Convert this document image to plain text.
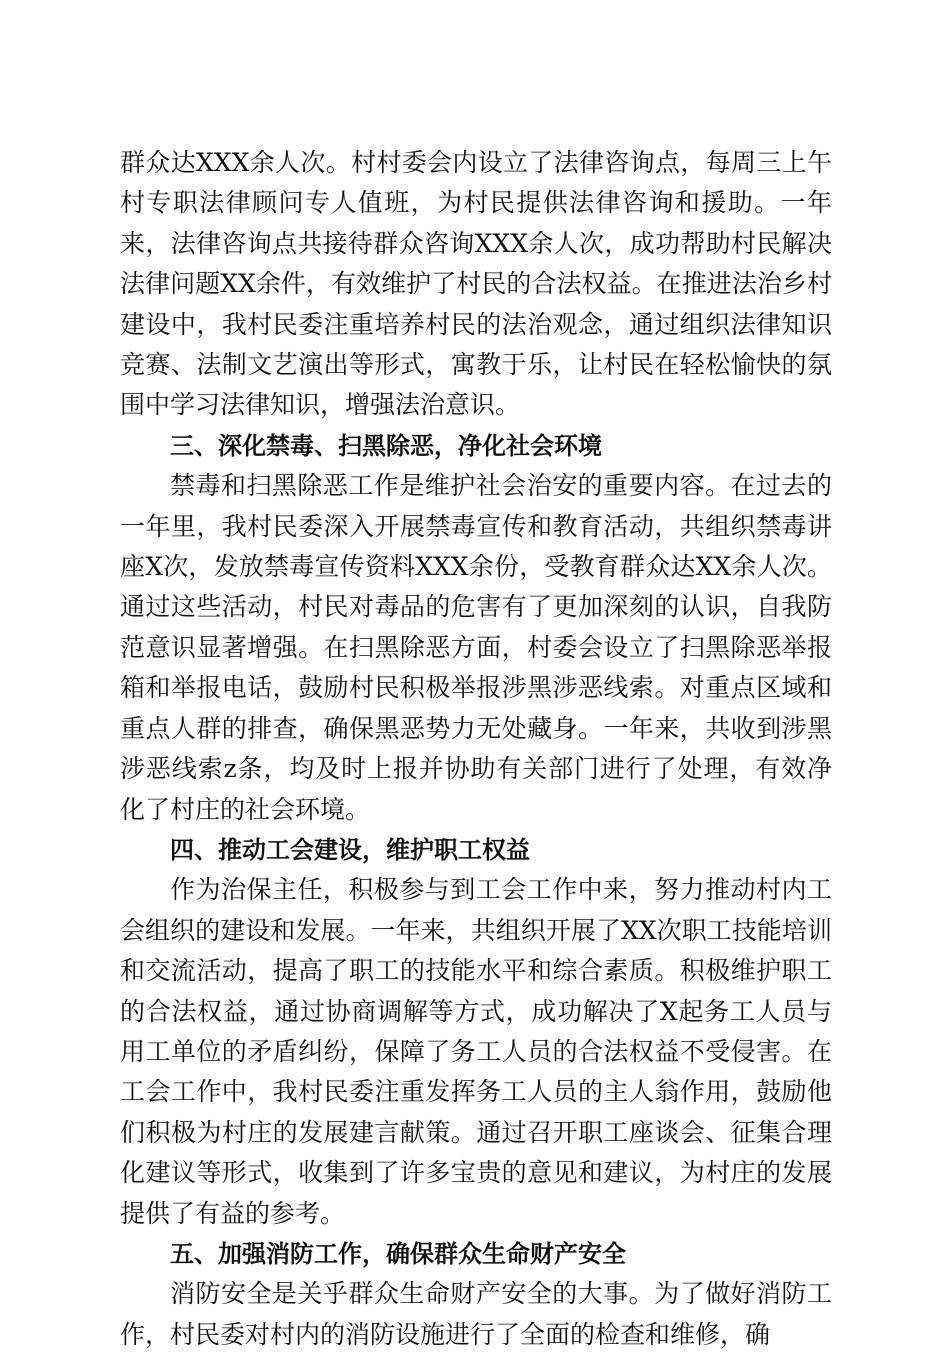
群众达XXX余人次。村村委会内设立了法律咨询点，每周三上午村专职法律顾问专人值班，为村民提供法律咨询和援助。一年来，法律咨询点共接待群众咨询XXX余人次，成功帮助村民解决法律问题XX余件，有效维护了村民的合法权益。在推进法治乡村建设中，我村民委注重培养村民的法治观念，通过组织法律知识竞赛、法制文艺演出等形式，寓教于乐，让村民在轻松愉快的氛围中学习法律知识，增强法治意识。

三、深化禁毒、扫黑除恶，净化社会环境

禁毒和扫黑除恶工作是维护社会治安的重要内容。在过去的一年里，我村民委深入开展禁毒宣传和教育活动，共组织禁毒讲座X次，发放禁毒宣传资料XXX余份，受教育群众达XX余人次。通过这些活动，村民对毒品的危害有了更加深刻的认识，自我防范意识显著增强。在扫黑除恶方面，村委会设立了扫黑除恶举报箱和举报电话，鼓励村民积极举报涉黑涉恶线索。对重点区域和重点人群的排查，确保黑恶势力无处藏身。一年来，共收到涉黑涉恶线索z条，均及时上报并协助有关部门进行了处理，有效净化了村庄的社会环境。

四、推动工会建设，维护职工权益

作为治保主任，积极参与到工会工作中来，努力推动村内工会组织的建设和发展。一年来，共组织开展了XX次职工技能培训和交流活动，提高了职工的技能水平和综合素质。积极维护职工的合法权益，通过协商调解等方式，成功解决了X起务工人员与用工单位的矛盾纠纷，保障了务工人员的合法权益不受侵害。在工会工作中，我村民委注重发挥务工人员的主人翁作用，鼓励他们积极为村庄的发展建言献策。通过召开职工座谈会、征集合理化建议等形式，收集到了许多宝贵的意见和建议，为村庄的发展提供了有益的参考。

五、加强消防工作，确保群众生命财产安全

消防安全是关乎群众生命财产安全的大事。为了做好消防工作，村民委对村内的消防设施进行了全面的检查和维修，确
